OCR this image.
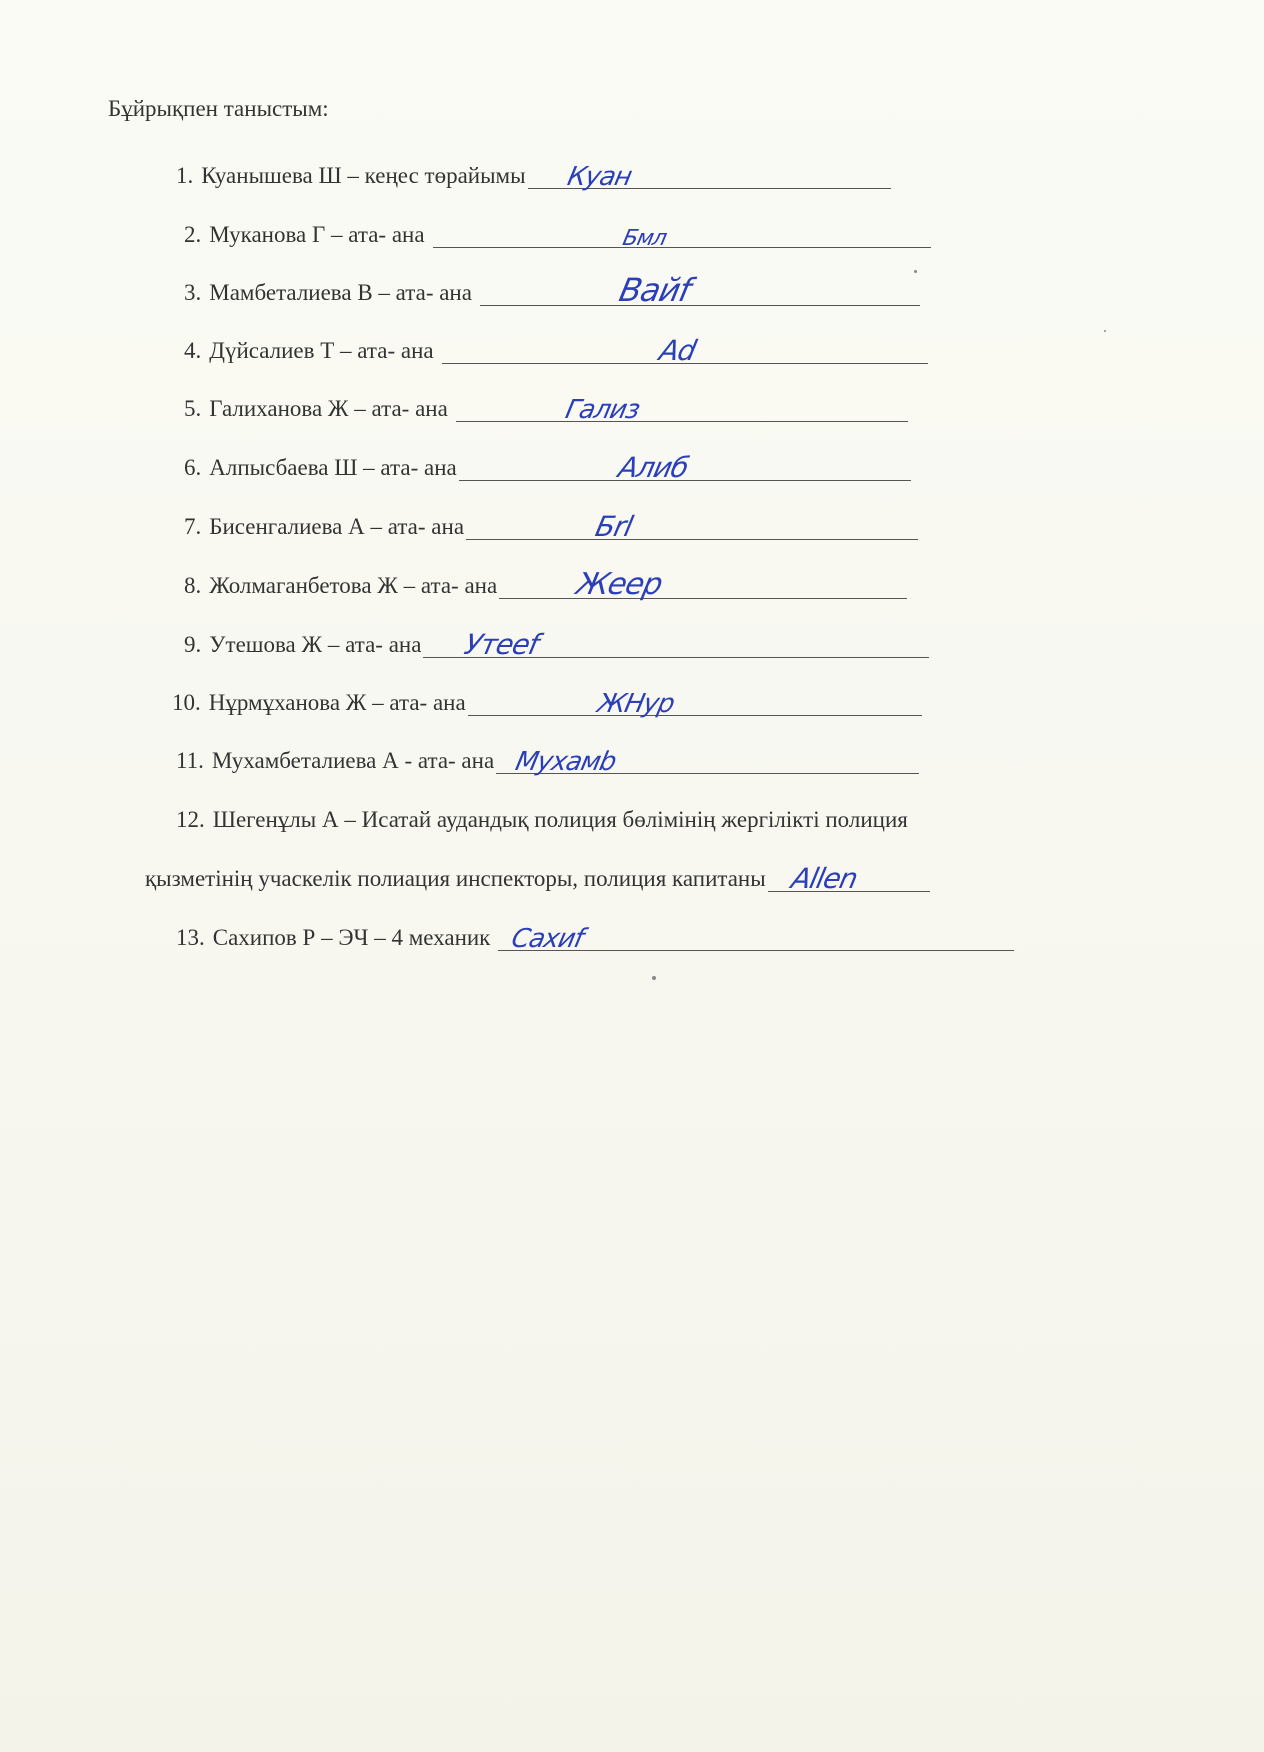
Бұйрықпен таныстым:
1. Куанышева Ш – кеңес төрайымы Куан
2. Муканова Г – ата- ана	Бмл
3. Мамбеталиева В – ата- ана	Вайf
4. Дүйсалиев Т – ата- ана	Ad
5. Галиханова Ж – ата- ана	Гализ
6. Алпысбаева Ш – ата- ана	Алиб
7. Бисенгалиева А – ата- ана	Бrl
8. Жолмаганбетова Ж – ата- ана	Жееp
9. Утешова Ж – ата- ана Утееf
10. Нұрмұханова Ж – ата- ана	ЖНур
11. Мухамбеталиева А - ата- ана Мухамb
12. Шегенұлы А – Исатай аудандық полиция бөлімінің жергілікті полиция
қызметінің учаскелік полиация инспекторы, полиция капитаны Аllen
13. Сахипов Р – ЭЧ – 4 механик Сахиf
